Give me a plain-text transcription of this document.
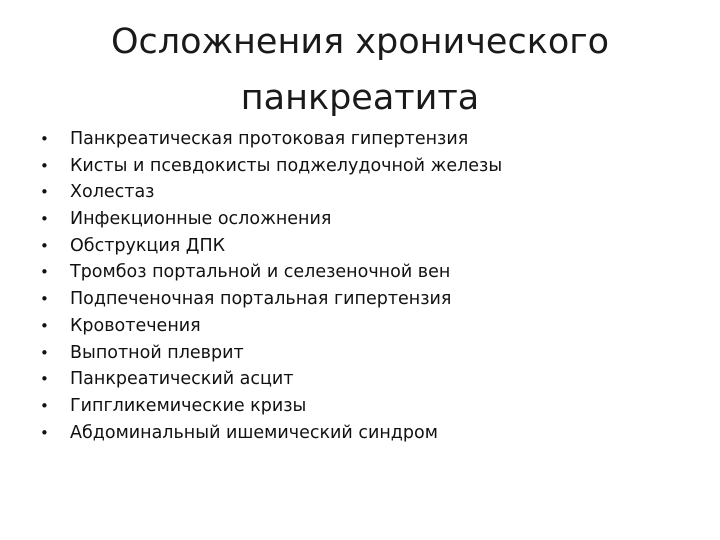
Осложнения хронического
панкреатита
•	Панкреатическая протоковая гипертензия
•	Кисты и псевдокисты поджелудочной железы
•	Холестаз
•	Инфекционные осложнения
•	Обструкция ДПК
•	Тромбоз портальной и селезеночной вен
•	Подпеченочная портальная гипертензия
•	Кровотечения
•	Выпотной плеврит
•	Панкреатический асцит
•	Гипгликемические кризы
•	Абдоминальный ишемический синдром
